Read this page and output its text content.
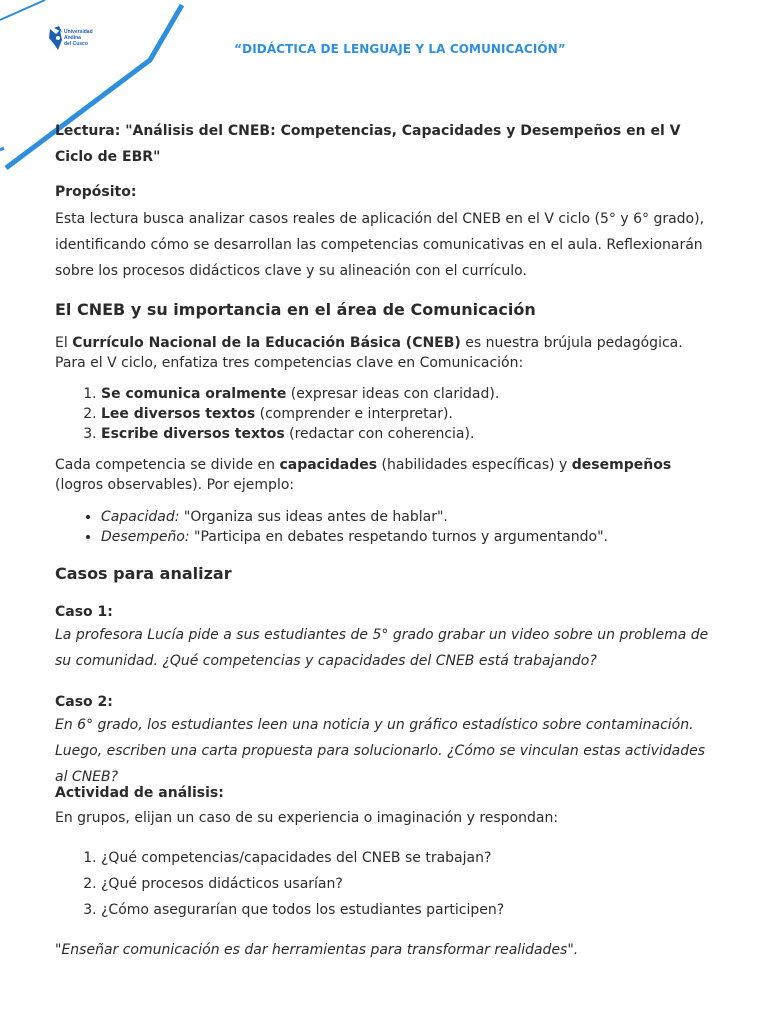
Universidad
Andina
del Cusco	“DIDÁCTICA DE LENGUAJE Y LA COMUNICACIÓN”
Lectura: "Análisis del CNEB: Competencias, Capacidades y Desempeños en el V Ciclo de EBR"

Propósito:

Esta lectura busca analizar casos reales de aplicación del CNEB en el V ciclo (5° y 6° grado), identificando cómo se desarrollan las competencias comunicativas en el aula. Reflexionarán sobre los procesos didácticos clave y su alineación con el currículo.

El CNEB y su importancia en el área de Comunicación

El Currículo Nacional de la Educación Básica (CNEB) es nuestra brújula pedagógica. Para el V ciclo, enfatiza tres competencias clave en Comunicación:

1. Se comunica oralmente (expresar ideas con claridad).
2. Lee diversos textos (comprender e interpretar).
3. Escribe diversos textos (redactar con coherencia).

Cada competencia se divide en capacidades (habilidades específicas) y desempeños (logros observables). Por ejemplo:

• Capacidad: "Organiza sus ideas antes de hablar".
• Desempeño: "Participa en debates respetando turnos y argumentando".
Casos para analizar

Caso 1:

La profesora Lucía pide a sus estudiantes de 5° grado grabar un video sobre un problema de su comunidad. ¿Qué competencias y capacidades del CNEB está trabajando?

Caso 2:

En 6° grado, los estudiantes leen una noticia y un gráfico estadístico sobre contaminación. Luego, escriben una carta propuesta para solucionarlo. ¿Cómo se vinculan estas actividades al CNEB?

Actividad de análisis:

En grupos, elijan un caso de su experiencia o imaginación y respondan:

1. ¿Qué competencias/capacidades del CNEB se trabajan?
2. ¿Qué procesos didácticos usarían?
3. ¿Cómo asegurarían que todos los estudiantes participen?

"Enseñar comunicación es dar herramientas para transformar realidades".
